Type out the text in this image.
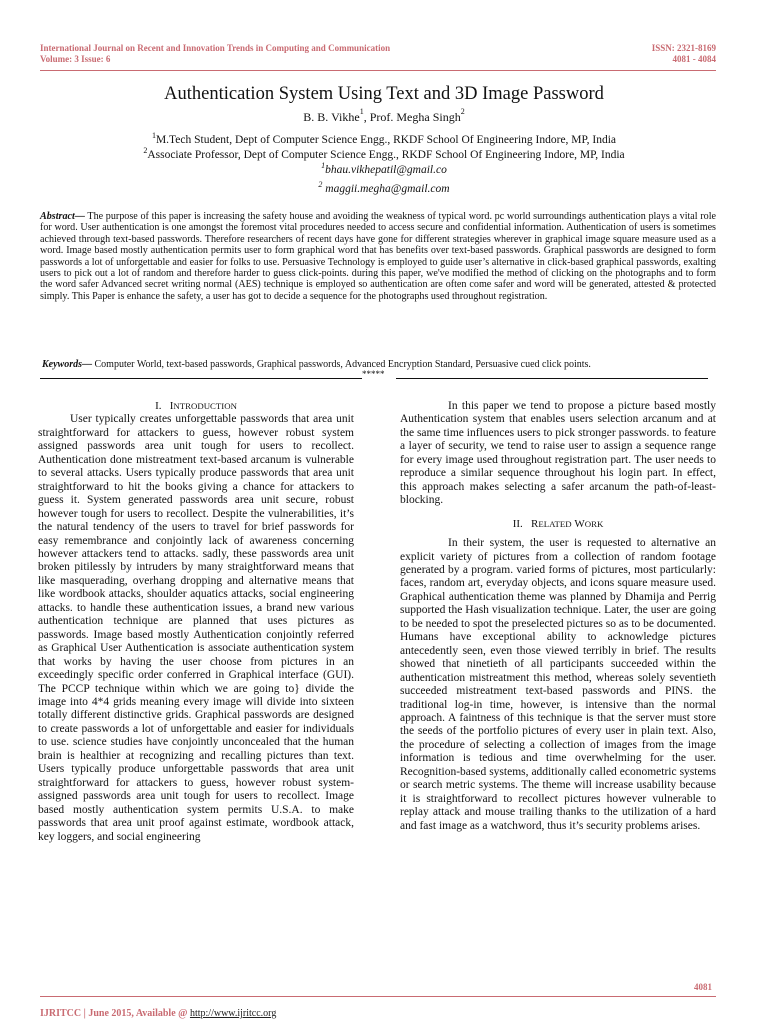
International Journal on Recent and Innovation Trends in Computing and Communication
Volume: 3 Issue: 6
ISSN: 2321-8169
4081 - 4084
Authentication System Using Text and 3D Image Password
B. B. Vikhe$^1$, Prof. Megha Singh$^2$
$^1$M.Tech Student, Dept of Computer Science Engg., RKDF School Of Engineering Indore, MP, India
$^2$Associate Professor, Dept of Computer Science Engg., RKDF School Of Engineering Indore, MP, India
$^1$bhau.vikhepatil@gmail.co
$^2$ maggii.megha@gmail.com

Abstract— The purpose of this paper is increasing the safety house and avoiding the weakness of typical word. pc world surroundings authentication plays a vital role for word. User authentication is one amongst the foremost vital procedures needed to access secure and confidential information. Authentication of users is sometimes achieved through text-based passwords. Therefore researchers of recent days have gone for different strategies wherever in graphical image square measure used as a word. Image based mostly authentication permits user to form graphical word that has benefits over text-based passwords. Graphical passwords are designed to form passwords a lot of unforgettable and easier for folks to use. Persuasive Technology is employed to guide user’s alternative in click-based graphical passwords, exalting users to pick out a lot of random and therefore harder to guess click-points. during this paper, we've modified the method of clicking on the photographs and to form the word safer Advanced secret writing normal (AES) technique is employed so authentication are often come safer and word will be generated, attested & protected simply. This Paper is enhance the safety, a user has got to decide a sequence for the photographs used throughout registration.

Keywords— Computer World, text-based passwords, Graphical passwords, Advanced Encryption Standard, Persuasive cued click points.

*****
I. INTRODUCTION

User typically creates unforgettable passwords that area unit straightforward for attackers to guess, however robust system assigned passwords area unit tough for users to recollect. Authentication done mistreatment text-based arcanum is vulnerable to several attacks. Users typically produce passwords that area unit straightforward to hit the books giving a chance for attackers to guess it. System generated passwords area unit secure, robust however tough for users to recollect. Despite the vulnerabilities, it’s the natural tendency of the users to travel for brief passwords for easy remembrance and conjointly lack of awareness concerning however attackers tend to attacks. sadly, these passwords area unit broken pitilessly by intruders by many straightforward means that like masquerading, overhang dropping and alternative means that like wordbook attacks, shoulder aquatics attacks, social engineering attacks. to handle these authentication issues, a brand new various authentication technique are planned that uses pictures as passwords. Image based mostly Authentication conjointly referred as Graphical User Authentication is associate authentication system that works by having the user choose from pictures in an exceedingly specific order conferred in Graphical interface (GUI). The PCCP technique within which we are going to} divide the image into 4*4 grids meaning every image will divide into sixteen totally different distinctive grids. Graphical passwords are designed to create passwords a lot of unforgettable and easier for individuals to use. science studies have conjointly unconcealed that the human brain is healthier at recognizing and recalling pictures than text. Users typically produce unforgettable passwords that area unit straightforward for attackers to guess, however robust system-assigned passwords area unit tough for users to recollect. Image based mostly authentication system permits U.S.A. to make passwords that area unit proof against estimate, wordbook attack, key loggers, and social engineering

In this paper we tend to propose a picture based mostly Authentication system that enables users selection arcanum and at the same time influences users to pick stronger passwords. to feature a layer of security, we tend to raise user to assign a sequence range for every image used throughout registration part. The user needs to reproduce a similar sequence throughout his login part. In effect, this approach makes selecting a safer arcanum the path-of-least-blocking.

II. RELATED WORK

In their system, the user is requested to alternative an explicit variety of pictures from a collection of random footage generated by a program. varied forms of pictures, most particularly: faces, random art, everyday objects, and icons square measure used. Graphical authentication theme was planned by Dhamija and Perrig supported the Hash visualization technique. Later, the user are going to be needed to spot the preselected pictures so as to be documented. Humans have exceptional ability to acknowledge pictures antecedently seen, even those viewed terribly in brief. The results showed that ninetieth of all participants succeeded within the authentication mistreatment this method, whereas solely seventieth succeeded mistreatment text-based passwords and PINS. the traditional log-in time, however, is intensive than the normal approach. A faintness of this technique is that the server must store the seeds of the portfolio pictures of every user in plain text. Also, the procedure of selecting a collection of images from the image information is tedious and time overwhelming for the user. Recognition-based systems, additionally called econometric systems or search metric systems. The theme will increase usability because it is straightforward to recollect pictures however vulnerable to replay attack and mouse trailing thanks to the utilization of a hard and fast image as a watchword, thus it’s security problems arises.

4081
IJRITCC | June 2015, Available @ http://www.ijritcc.org
